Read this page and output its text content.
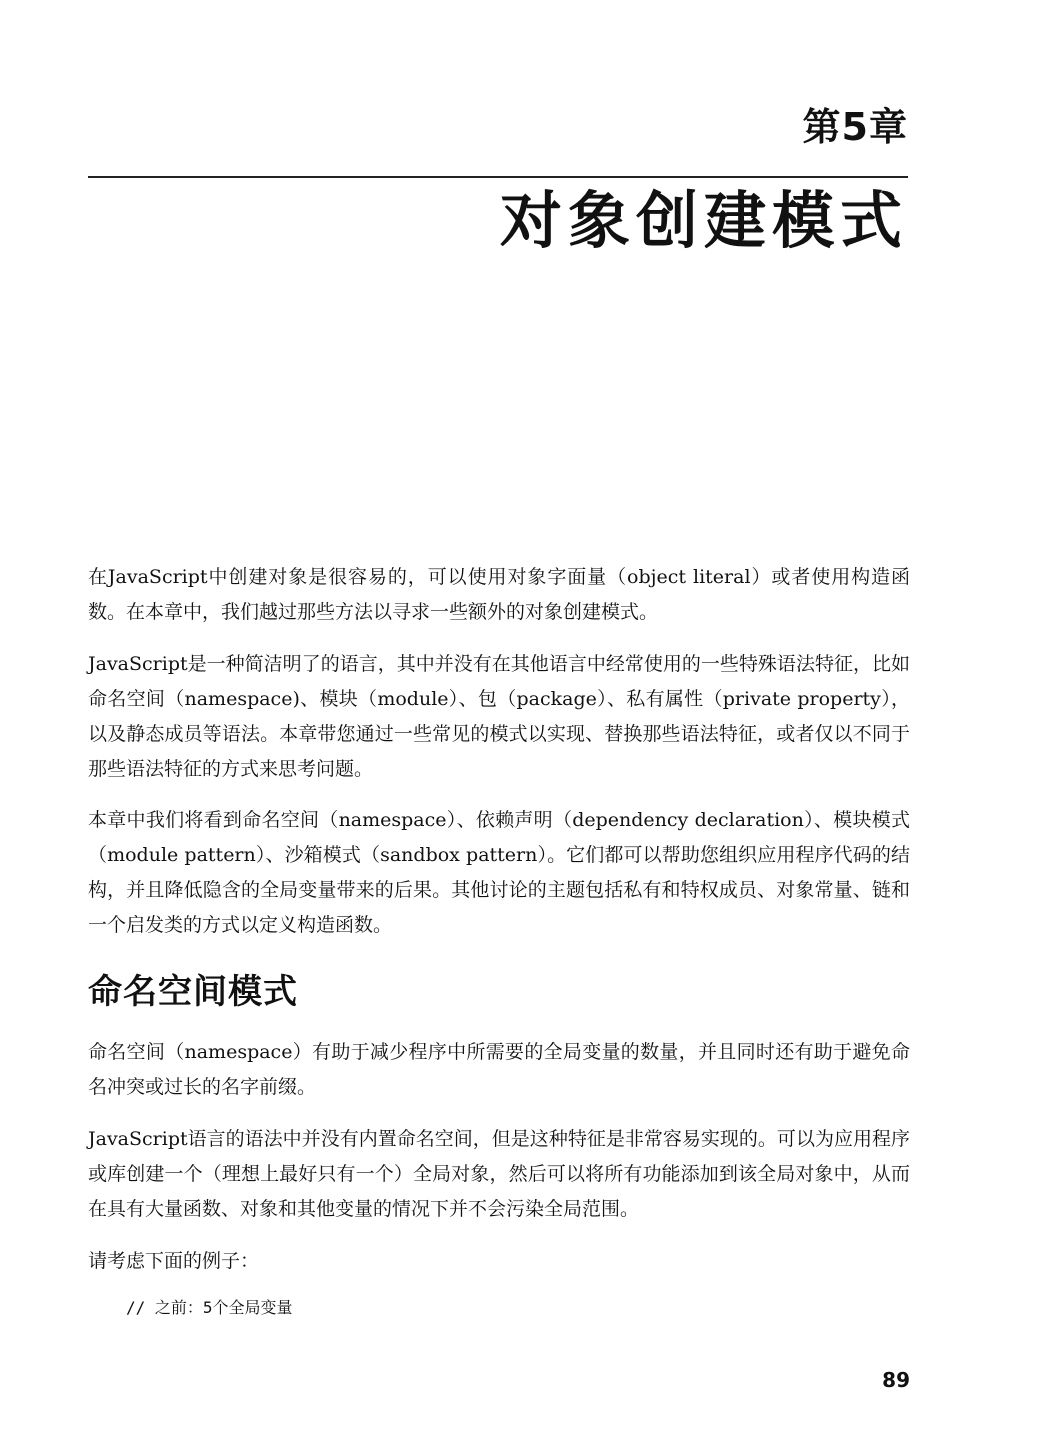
第5章
对象创建模式

在JavaScript中创建对象是很容易的，可以使用对象字面量（object literal）或者使用构造函数。在本章中，我们越过那些方法以寻求一些额外的对象创建模式。

JavaScript是一种简洁明了的语言，其中并没有在其他语言中经常使用的一些特殊语法特征，比如命名空间（namespace)、模块（module）、包（package）、私有属性（private property），以及静态成员等语法。本章带您通过一些常见的模式以实现、替换那些语法特征，或者仅以不同于那些语法特征的方式来思考问题。

本章中我们将看到命名空间（namespace）、依赖声明（dependency declaration）、模块模式（module pattern）、沙箱模式（sandbox pattern）。它们都可以帮助您组织应用程序代码的结构，并且降低隐含的全局变量带来的后果。其他讨论的主题包括私有和特权成员、对象常量、链和一个启发类的方式以定义构造函数。

命名空间模式

命名空间（namespace）有助于减少程序中所需要的全局变量的数量，并且同时还有助于避免命名冲突或过长的名字前缀。

JavaScript语言的语法中并没有内置命名空间，但是这种特征是非常容易实现的。可以为应用程序或库创建一个（理想上最好只有一个）全局对象，然后可以将所有功能添加到该全局对象中，从而在具有大量函数、对象和其他变量的情况下并不会污染全局范围。

请考虑下面的例子：

// 之前：5个全局变量
89
